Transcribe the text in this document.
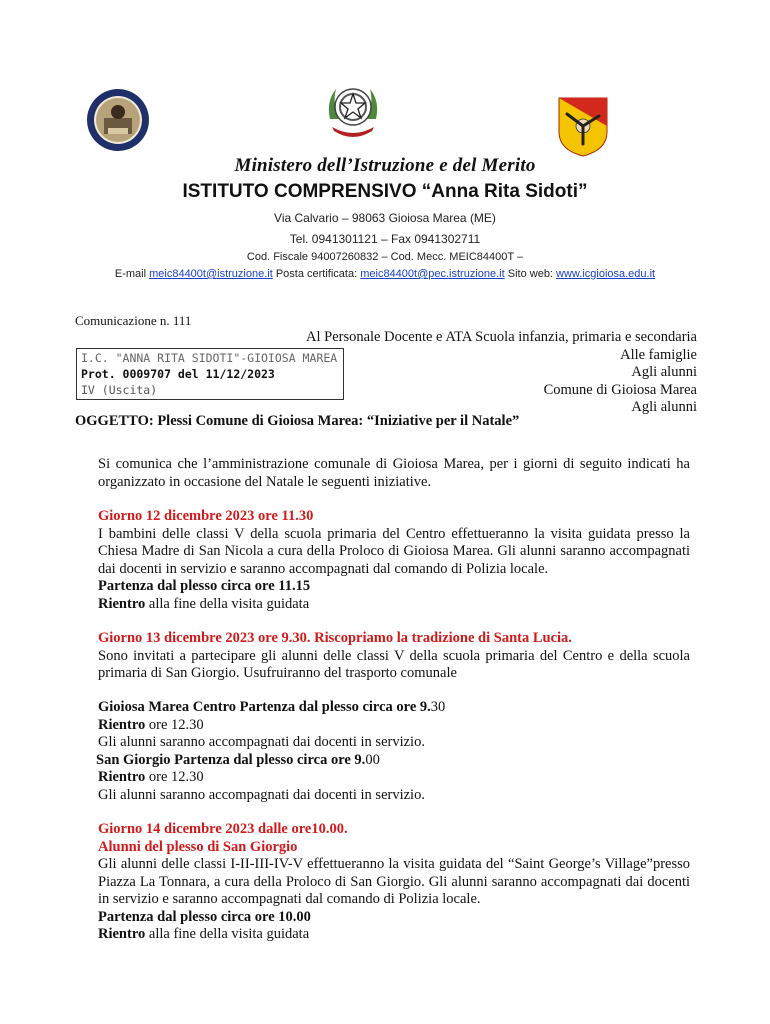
Ministero dell’Istruzione e del Merito
ISTITUTO COMPRENSIVO “Anna Rita Sidoti”
Via Calvario – 98063 Gioiosa Marea (ME)
Tel. 0941301121 – Fax 0941302711
Cod. Fiscale 94007260832 – Cod. Mecc. MEIC84400T –
E-mail meic84400t@istruzione.it Posta certificata: meic84400t@pec.istruzione.it Sito web: www.icgioiosa.edu.it
Comunicazione n. 111
Al Personale Docente e ATA Scuola infanzia, primaria e secondaria
Alle famiglie
Agli alunni
Comune di Gioiosa Marea
Agli alunni
I.C. "ANNA RITA SIDOTI"-GIOIOSA MAREA
Prot. 0009707 del 11/12/2023
IV (Uscita)
OGGETTO: Plessi Comune di Gioiosa Marea: “Iniziative per il Natale”
Si comunica che l’amministrazione comunale di Gioiosa Marea, per i giorni di seguito indicati ha organizzato in occasione del Natale le seguenti iniziative.

Giorno 12 dicembre 2023 ore 11.30

I bambini delle classi V della scuola primaria del Centro effettueranno la visita guidata presso la Chiesa Madre di San Nicola a cura della Proloco di Gioiosa Marea. Gli alunni saranno accompagnati dai docenti in servizio e saranno accompagnati dal comando di Polizia locale.

Partenza dal plesso circa ore 11.15

Rientro alla fine della visita guidata

Giorno 13 dicembre 2023 ore 9.30. Riscopriamo la tradizione di Santa Lucia.

Sono invitati a partecipare gli alunni delle classi V della scuola primaria del Centro e della scuola primaria di San Giorgio. Usufruiranno del trasporto comunale

Gioiosa Marea Centro Partenza dal plesso circa ore 9.30

Rientro ore 12.30

Gli alunni saranno accompagnati dai docenti in servizio.

San Giorgio Partenza dal plesso circa ore 9.00

Rientro ore 12.30

Gli alunni saranno accompagnati dai docenti in servizio.

Giorno 14 dicembre 2023 dalle ore10.00.

Alunni del plesso di San Giorgio

Gli alunni delle classi I-II-III-IV-V effettueranno la visita guidata del “Saint George’s Village”presso Piazza La Tonnara, a cura della Proloco di San Giorgio. Gli alunni saranno accompagnati dai docenti in servizio e saranno accompagnati dal comando di Polizia locale.

Partenza dal plesso circa ore 10.00

Rientro alla fine della visita guidata
